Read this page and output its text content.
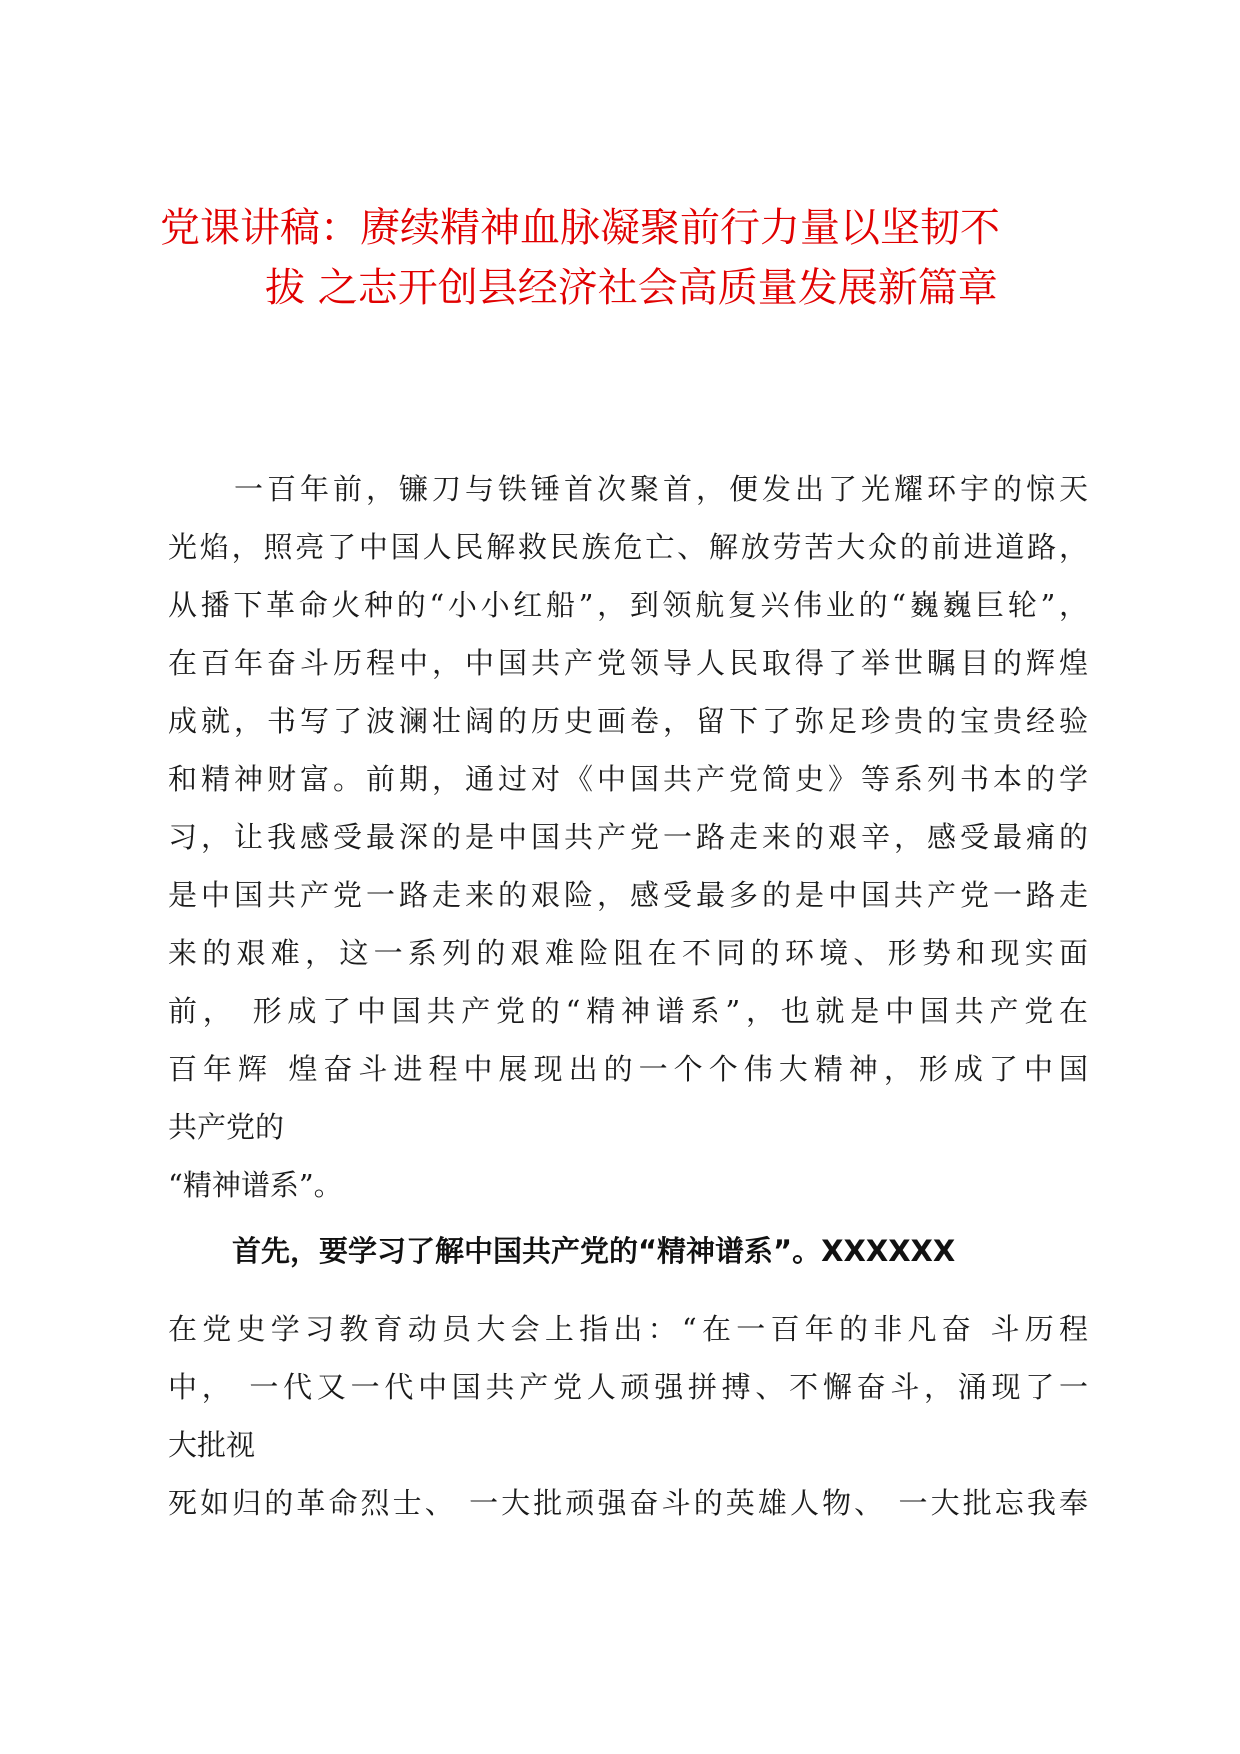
党课讲稿：赓续精神血脉凝聚前行力量以坚韧不
拔 之志开创县经济社会高质量发展新篇章
　　一百年前，镰刀与铁锤首次聚首，便发出了光耀环宇的惊天
光焰，照亮了中国人民解救民族危亡、解放劳苦大众的前进道路，
从播下革命火种的“小小红船”，到领航复兴伟业的“巍巍巨轮”，
在百年奋斗历程中，中国共产党领导人民取得了举世瞩目的辉煌
成就，书写了波澜壮阔的历史画卷，留下了弥足珍贵的宝贵经验
和精神财富。前期，通过对《中国共产党简史》等系列书本的学
习，让我感受最深的是中国共产党一路走来的艰辛，感受最痛的
是中国共产党一路走来的艰险，感受最多的是中国共产党一路走
来的艰难，这一系列的艰难险阻在不同的环境、形势和现实面
前， 形成了中国共产党的“精神谱系”，也就是中国共产党在
百年辉 煌奋斗进程中展现出的一个个伟大精神，形成了中国
共产党的
“精神谱系”。
首先，要学习了解中国共产党的“精神谱系”。XXXXXX
在党史学习教育动员大会上指出：“在一百年的非凡奋 斗历程
中， 一代又一代中国共产党人顽强拼搏、不懈奋斗，涌现了一
大批视
死如归的革命烈士、 一大批顽强奋斗的英雄人物、 一大批忘我奉
